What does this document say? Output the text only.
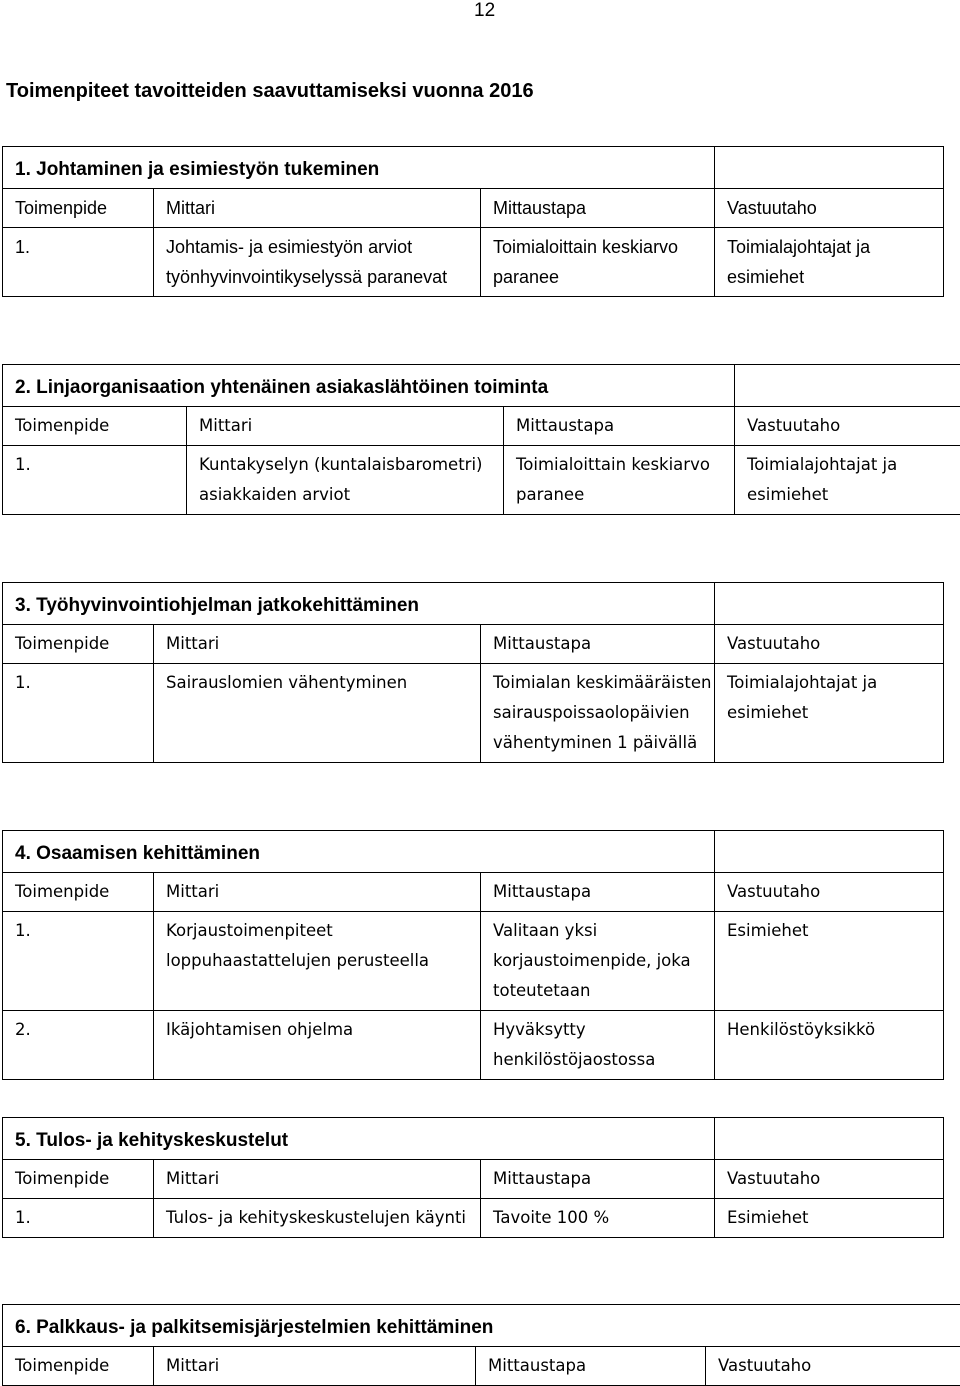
12
Toimenpiteet tavoitteiden saavuttamiseksi vuonna 2016
1. Johtaminen ja esimiestyön tukeminen			
Toimenpide	Mittari	Mittaustapa	Vastuutaho
1.	Johtamis- ja esimiestyön arviot työnhyvinvointikyselyssä paranevat	Toimialoittain keskiarvo paranee	Toimialajohtajat ja esimiehet
2. Linjaorganisaation yhtenäinen asiakaslähtöinen toiminta			
Toimenpide	Mittari	Mittaustapa	Vastuutaho
1.	Kuntakyselyn (kuntalaisbarometri) asiakkaiden arviot	Toimialoittain keskiarvo paranee	Toimialajohtajat ja esimiehet
3. Työhyvinvointiohjelman jatkokehittäminen			
Toimenpide	Mittari	Mittaustapa	Vastuutaho
1.	Sairauslomien vähentyminen	Toimialan keskimääräisten sairauspoissaolopäivien vähentyminen 1 päivällä	Toimialajohtajat ja esimiehet
4. Osaamisen kehittäminen			
Toimenpide	Mittari	Mittaustapa	Vastuutaho
1.	Korjaustoimenpiteet loppuhaastattelujen perusteella	Valitaan yksi korjaustoimenpide, joka toteutetaan	Esimiehet
2.	Ikäjohtamisen ohjelma	Hyväksytty henkilöstöjaostossa	Henkilöstöyksikkö
5. Tulos- ja kehityskeskustelut			
Toimenpide	Mittari	Mittaustapa	Vastuutaho
1.	Tulos- ja kehityskeskustelujen käynti	Tavoite 100 %	Esimiehet
6. Palkkaus- ja palkitsemisjärjestelmien kehittäminen
Toimenpide	Mittari	Mittaustapa	Vastuutaho
